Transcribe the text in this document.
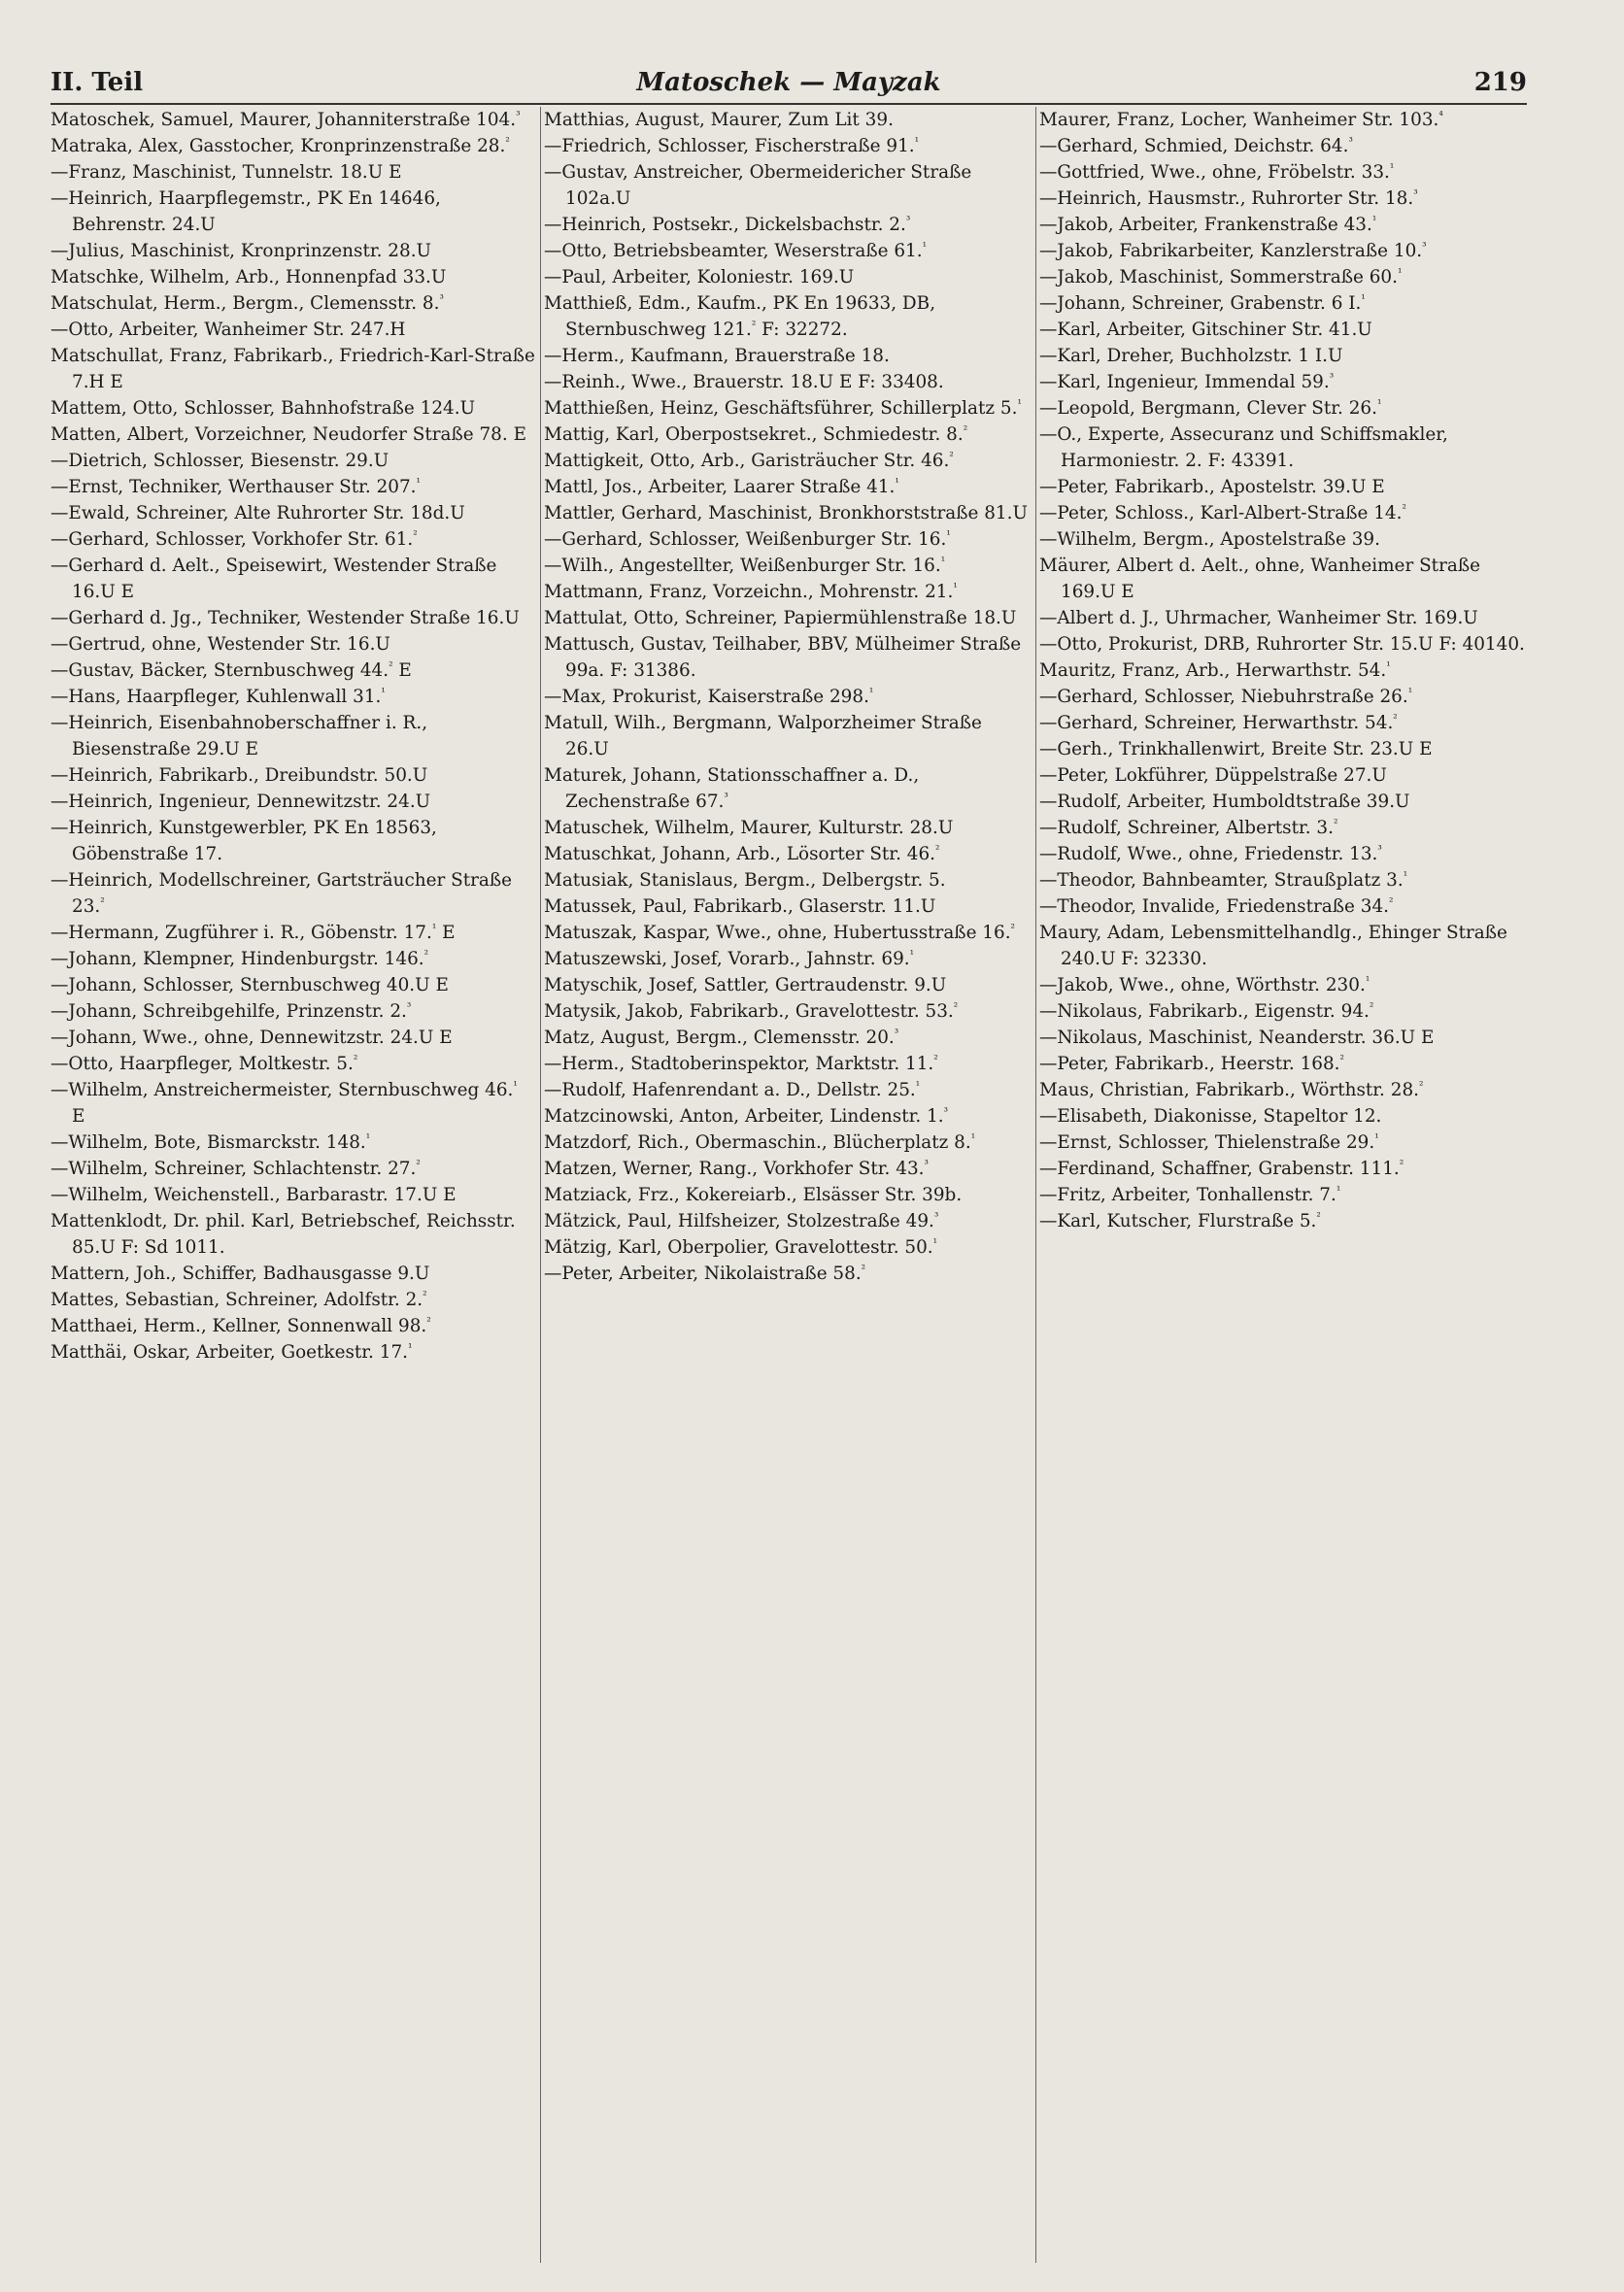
II. Teil	Matoschek — Mayzak	219
Matoschek, Samuel, Maurer, Johanniterstraße 104.$^{^3}$
Matraka, Alex, Gasstocher, Kronprinzenstraße 28.$^{^2}$
—Franz, Maschinist, Tunnelstr. 18.U E
—Heinrich, Haarpflegemstr., PK En 14646, Behrenstr. 24.U
—Julius, Maschinist, Kronprinzenstr. 28.U
Matschke, Wilhelm, Arb., Honnenpfad 33.U
Matschulat, Herm., Bergm., Clemensstr. 8.$^{^3}$
—Otto, Arbeiter, Wanheimer Str. 247.H
Matschullat, Franz, Fabrikarb., Friedrich-Karl-Straße 7.H E
Mattem, Otto, Schlosser, Bahnhofstraße 124.U
Matten, Albert, Vorzeichner, Neudorfer Straße 78. E
—Dietrich, Schlosser, Biesenstr. 29.U
—Ernst, Techniker, Werthauser Str. 207.$^{^1}$
—Ewald, Schreiner, Alte Ruhrorter Str. 18d.U
—Gerhard, Schlosser, Vorkhofer Str. 61.$^{^2}$
—Gerhard d. Aelt., Speisewirt, Westender Straße 16.U E
—Gerhard d. Jg., Techniker, Westender Straße 16.U
—Gertrud, ohne, Westender Str. 16.U
—Gustav, Bäcker, Sternbuschweg 44.$^{^2}$ E
—Hans, Haarpfleger, Kuhlenwall 31.$^{^1}$
—Heinrich, Eisenbahnoberschaffner i. R., Biesenstraße 29.U E
—Heinrich, Fabrikarb., Dreibundstr. 50.U
—Heinrich, Ingenieur, Dennewitzstr. 24.U
—Heinrich, Kunstgewerbler, PK En 18563, Göbenstraße 17.
—Heinrich, Modellschreiner, Gartsträucher Straße 23.$^{^2}$
—Hermann, Zugführer i. R., Göbenstr. 17.$^{^1}$ E
—Johann, Klempner, Hindenburgstr. 146.$^{^2}$
—Johann, Schlosser, Sternbuschweg 40.U E
—Johann, Schreibgehilfe, Prinzenstr. 2.$^{^3}$
—Johann, Wwe., ohne, Dennewitzstr. 24.U E
—Otto, Haarpfleger, Moltkestr. 5.$^{^2}$
—Wilhelm, Anstreichermeister, Sternbuschweg 46.$^{^1}$ E
—Wilhelm, Bote, Bismarckstr. 148.$^{^1}$
—Wilhelm, Schreiner, Schlachtenstr. 27.$^{^2}$
—Wilhelm, Weichenstell., Barbarastr. 17.U E
Mattenklodt, Dr. phil. Karl, Betriebschef, Reichsstr. 85.U F: Sd 1011.
Mattern, Joh., Schiffer, Badhausgasse 9.U
Mattes, Sebastian, Schreiner, Adolfstr. 2.$^{^2}$
Matthaei, Herm., Kellner, Sonnenwall 98.$^{^2}$
Matthäi, Oskar, Arbeiter, Goetkestr. 17.$^{^1}$
Matthias, August, Maurer, Zum Lit 39.
—Friedrich, Schlosser, Fischerstraße 91.$^{^1}$
—Gustav, Anstreicher, Obermeidericher Straße 102a.U
—Heinrich, Postsekr., Dickelsbachstr. 2.$^{^3}$
—Otto, Betriebsbeamter, Weserstraße 61.$^{^1}$
—Paul, Arbeiter, Koloniestr. 169.U
Matthieß, Edm., Kaufm., PK En 19633, DB, Sternbuschweg 121.$^{^2}$ F: 32272.
—Herm., Kaufmann, Brauerstraße 18.
—Reinh., Wwe., Brauerstr. 18.U E F: 33408.
Matthießen, Heinz, Geschäftsführer, Schillerplatz 5.$^{^1}$
Mattig, Karl, Oberpostsekret., Schmiedestr. 8.$^{^2}$
Mattigkeit, Otto, Arb., Garisträucher Str. 46.$^{^2}$
Mattl, Jos., Arbeiter, Laarer Straße 41.$^{^1}$
Mattler, Gerhard, Maschinist, Bronkhorststraße 81.U
—Gerhard, Schlosser, Weißenburger Str. 16.$^{^1}$
—Wilh., Angestellter, Weißenburger Str. 16.$^{^1}$
Mattmann, Franz, Vorzeichn., Mohrenstr. 21.$^{^1}$
Mattulat, Otto, Schreiner, Papiermühlenstraße 18.U
Mattusch, Gustav, Teilhaber, BBV, Mülheimer Straße 99a. F: 31386.
—Max, Prokurist, Kaiserstraße 298.$^{^1}$
Matull, Wilh., Bergmann, Walporzheimer Straße 26.U
Maturek, Johann, Stationsschaffner a. D., Zechenstraße 67.$^{^3}$
Matuschek, Wilhelm, Maurer, Kulturstr. 28.U
Matuschkat, Johann, Arb., Lösorter Str. 46.$^{^2}$
Matusiak, Stanislaus, Bergm., Delbergstr. 5.
Matussek, Paul, Fabrikarb., Glaserstr. 11.U
Matuszak, Kaspar, Wwe., ohne, Hubertusstraße 16.$^{^2}$
Matuszewski, Josef, Vorarb., Jahnstr. 69.$^{^1}$
Matyschik, Josef, Sattler, Gertraudenstr. 9.U
Matysik, Jakob, Fabrikarb., Gravelottestr. 53.$^{^2}$
Matz, August, Bergm., Clemensstr. 20.$^{^3}$
—Herm., Stadtoberinspektor, Marktstr. 11.$^{^2}$
—Rudolf, Hafenrendant a. D., Dellstr. 25.$^{^1}$
Matzcinowski, Anton, Arbeiter, Lindenstr. 1.$^{^3}$
Matzdorf, Rich., Obermaschin., Blücherplatz 8.$^{^1}$
Matzen, Werner, Rang., Vorkhofer Str. 43.$^{^3}$
Matziack, Frz., Kokereiarb., Elsässer Str. 39b.
Mätzick, Paul, Hilfsheizer, Stolzestraße 49.$^{^3}$
Mätzig, Karl, Oberpolier, Gravelottestr. 50.$^{^1}$
—Peter, Arbeiter, Nikolaistraße 58.$^{^2}$
Maurer, Franz, Locher, Wanheimer Str. 103.$^{^4}$
—Gerhard, Schmied, Deichstr. 64.$^{^3}$
—Gottfried, Wwe., ohne, Fröbelstr. 33.$^{^1}$
—Heinrich, Hausmstr., Ruhrorter Str. 18.$^{^3}$
—Jakob, Arbeiter, Frankenstraße 43.$^{^1}$
—Jakob, Fabrikarbeiter, Kanzlerstraße 10.$^{^3}$
—Jakob, Maschinist, Sommerstraße 60.$^{^1}$
—Johann, Schreiner, Grabenstr. 6 I.$^{^1}$
—Karl, Arbeiter, Gitschiner Str. 41.U
—Karl, Dreher, Buchholzstr. 1 I.U
—Karl, Ingenieur, Immendal 59.$^{^3}$
—Leopold, Bergmann, Clever Str. 26.$^{^1}$
—O., Experte, Assecuranz und Schiffsmakler, Harmoniestr. 2. F: 43391.
—Peter, Fabrikarb., Apostelstr. 39.U E
—Peter, Schloss., Karl-Albert-Straße 14.$^{^2}$
—Wilhelm, Bergm., Apostelstraße 39.
Mäurer, Albert d. Aelt., ohne, Wanheimer Straße 169.U E
—Albert d. J., Uhrmacher, Wanheimer Str. 169.U
—Otto, Prokurist, DRB, Ruhrorter Str. 15.U F: 40140.
Mauritz, Franz, Arb., Herwarthstr. 54.$^{^1}$
—Gerhard, Schlosser, Niebuhrstraße 26.$^{^1}$
—Gerhard, Schreiner, Herwarthstr. 54.$^{^2}$
—Gerh., Trinkhallenwirt, Breite Str. 23.U E
—Peter, Lokführer, Düppelstraße 27.U
—Rudolf, Arbeiter, Humboldtstraße 39.U
—Rudolf, Schreiner, Albertstr. 3.$^{^2}$
—Rudolf, Wwe., ohne, Friedenstr. 13.$^{^3}$
—Theodor, Bahnbeamter, Straußplatz 3.$^{^1}$
—Theodor, Invalide, Friedenstraße 34.$^{^2}$
Maury, Adam, Lebensmittelhandlg., Ehinger Straße 240.U F: 32330.
—Jakob, Wwe., ohne, Wörthstr. 230.$^{^1}$
—Nikolaus, Fabrikarb., Eigenstr. 94.$^{^2}$
—Nikolaus, Maschinist, Neanderstr. 36.U E
—Peter, Fabrikarb., Heerstr. 168.$^{^2}$
Maus, Christian, Fabrikarb., Wörthstr. 28.$^{^2}$
—Elisabeth, Diakonisse, Stapeltor 12.
—Ernst, Schlosser, Thielenstraße 29.$^{^1}$
—Ferdinand, Schaffner, Grabenstr. 111.$^{^2}$
—Fritz, Arbeiter, Tonhallenstr. 7.$^{^1}$
—Karl, Kutscher, Flurstraße 5.$^{^2}$
